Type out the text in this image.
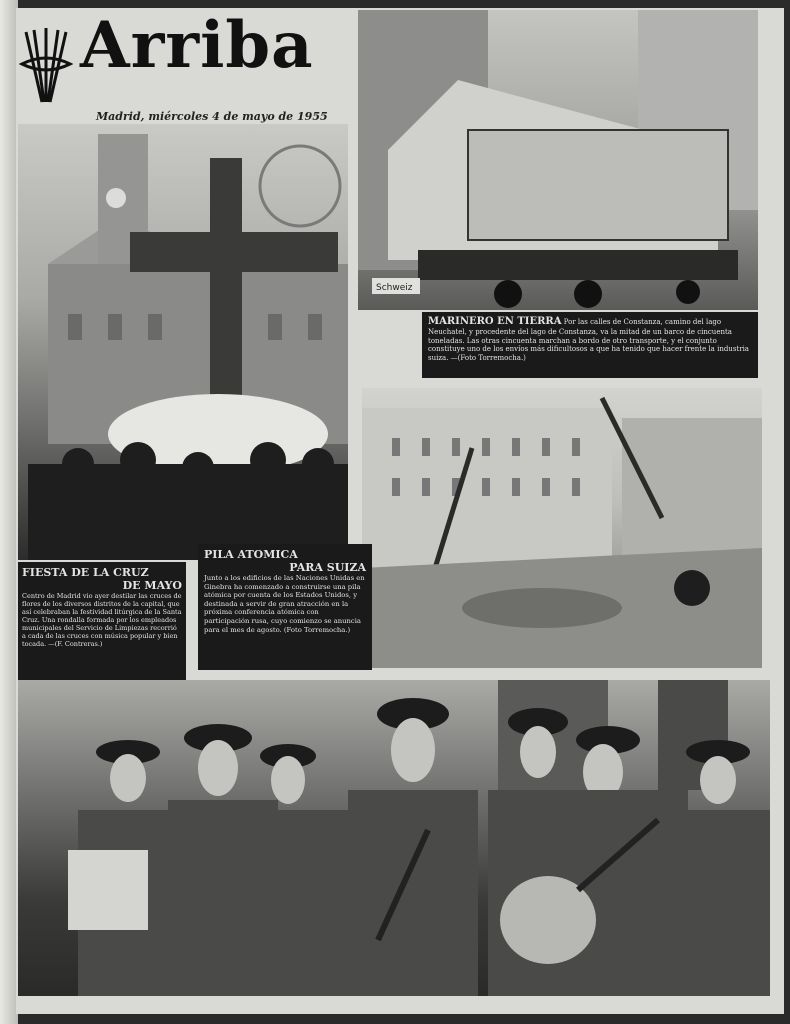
Arriba
Madrid, miércoles 4 de mayo de 1955
FIESTA DE LA CRUZ
DE MAYO
Centro de Madrid vio ayer destilar las cruces de flores de los diversos distritos de la capital, que así celebraban la festividad litúrgica de la Santa Cruz. Una rondalla formada por los empleados municipales del Servicio de Limpiezas recorrió a cada de las cruces con música popular y bien tocada. —(F. Contreras.)
Schweiz
MARINERO EN TIERRA Por las calles de Constanza, camino del lago Neuchatel, y procedente del lago de Constanza, va la mitad de un barco de cincuenta toneladas. Las otras cincuenta marchan a bordo de otro transporte, y el conjunto constituye uno de los envíos más dificultosos a que ha tenido que hacer frente la industria suiza. —(Foto Torremocha.)
PILA ATOMICA
PARA SUIZA
Junto a los edificios de las Naciones Unidas en Ginebra ha comenzado a construirse una pila atómica por cuenta de los Estados Unidos, y destinada a servir de gran atracción en la próxima conferencia atómica con participación rusa, cuyo comienzo se anuncia para el mes de agosto. (Foto Torremocha.)
